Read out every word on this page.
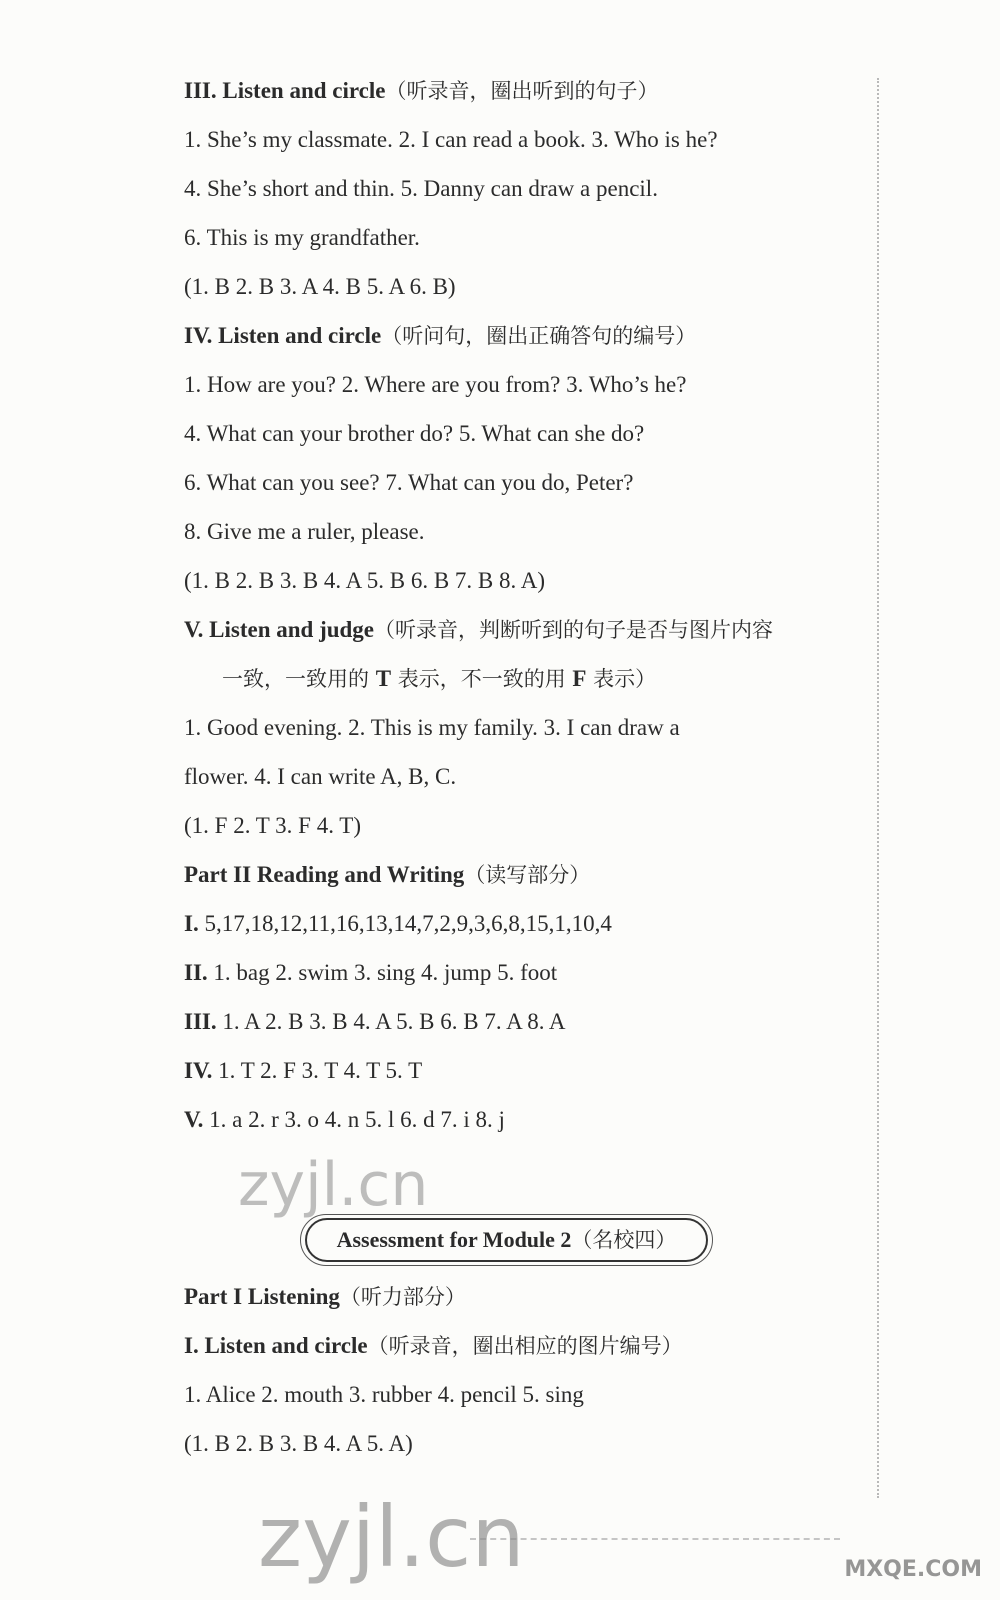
III. Listen and circle（听录音，圈出听到的句子）
1. She’s my classmate. 2. I can read a book. 3. Who is he?
4. She’s short and thin. 5. Danny can draw a pencil.
6. This is my grandfather.
(1. B 2. B 3. A 4. B 5. A 6. B)
IV. Listen and circle（听问句，圈出正确答句的编号）
1. How are you? 2. Where are you from? 3. Who’s he?
4. What can your brother do? 5. What can she do?
6. What can you see? 7. What can you do, Peter?
8. Give me a ruler, please.
(1. B 2. B 3. B 4. A 5. B 6. B 7. B 8. A)
V. Listen and judge（听录音，判断听到的句子是否与图片内容
一致，一致用的 T 表示，不一致的用 F 表示）
1. Good evening. 2. This is my family. 3. I can draw a
flower. 4. I can write A, B, C.
(1. F 2. T 3. F 4. T)
Part II Reading and Writing（读写部分）
I. 5,17,18,12,11,16,13,14,7,2,9,3,6,8,15,1,10,4
II. 1. bag 2. swim 3. sing 4. jump 5. foot
III. 1. A 2. B 3. B 4. A 5. B 6. B 7. A 8. A
IV. 1. T 2. F 3. T 4. T 5. T
V. 1. a 2. r 3. o 4. n 5. l 6. d 7. i 8. j
zyjl.cn
Assessment for Module 2（名校四）
Part I Listening（听力部分）
I. Listen and circle（听录音，圈出相应的图片编号）
1. Alice 2. mouth 3. rubber 4. pencil 5. sing
(1. B 2. B 3. B 4. A 5. A)
zyjl.cn	MXQE.COM
